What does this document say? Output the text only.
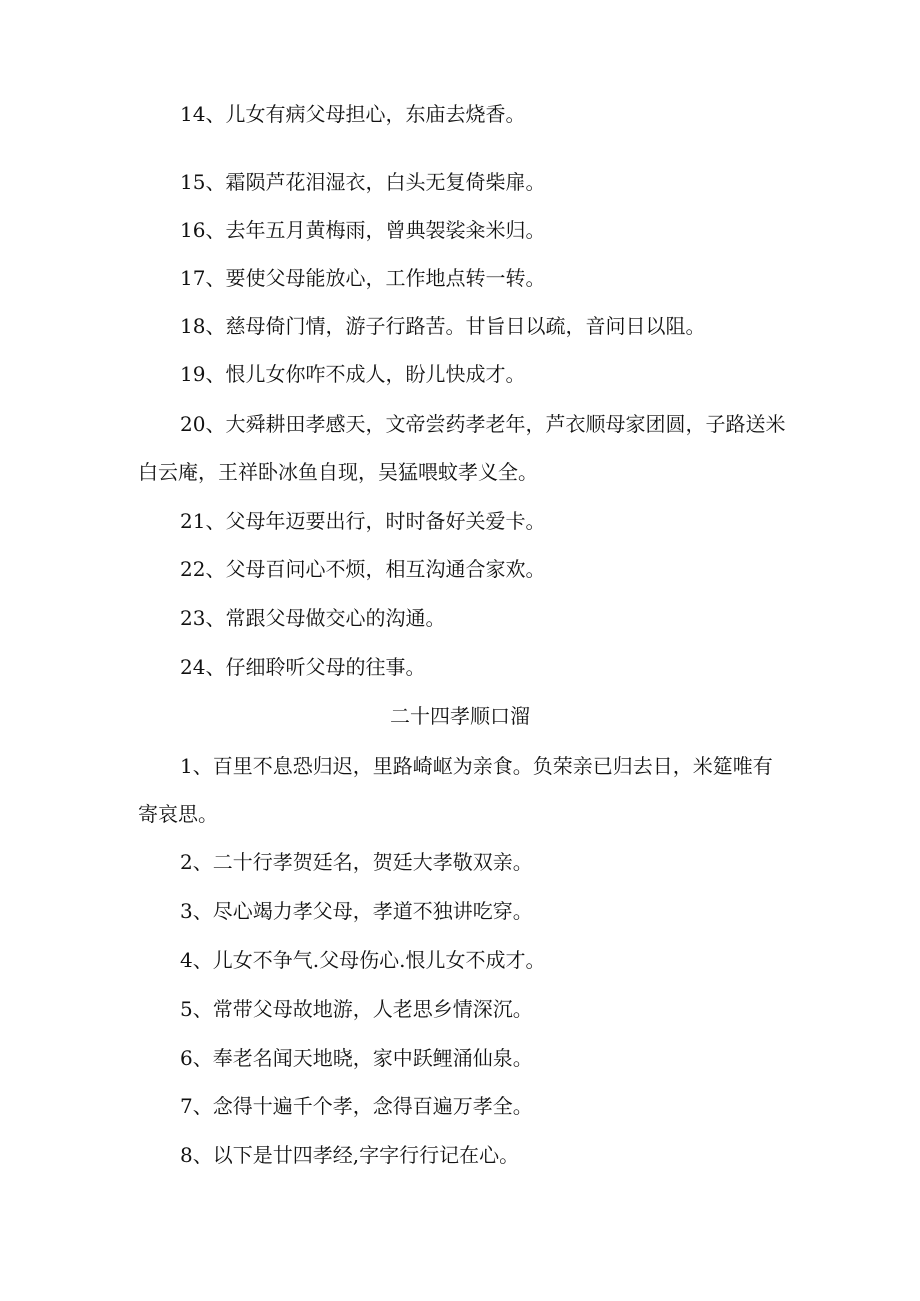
14、儿女有病父母担心，东庙去烧香。

15、霜陨芦花泪湿衣，白头无复倚柴扉。

16、去年五月黄梅雨，曾典袈裟籴米归。

17、要使父母能放心，工作地点转一转。

18、慈母倚门情，游子行路苦。甘旨日以疏，音问日以阻。

19、恨儿女你咋不成人，盼儿快成才。

20、大舜耕田孝感天，文帝尝药孝老年，芦衣顺母家团圆，子路送米白云庵，王祥卧冰鱼自现，吴猛喂蚊孝义全。

21、父母年迈要出行，时时备好关爱卡。

22、父母百问心不烦，相互沟通合家欢。

23、常跟父母做交心的沟通。

24、仔细聆听父母的往事。

二十四孝顺口溜

1、百里不息恐归迟，里路崎岖为亲食。负荣亲已归去日，米筵唯有寄哀思。

2、二十行孝贺廷名，贺廷大孝敬双亲。

3、尽心竭力孝父母，孝道不独讲吃穿。

4、儿女不争气.父母伤心.恨儿女不成才。

5、常带父母故地游，人老思乡情深沉。

6、奉老名闻天地晓，家中跃鲤涌仙泉。

7、念得十遍千个孝，念得百遍万孝全。

8、以下是廿四孝经,字字行行记在心。
